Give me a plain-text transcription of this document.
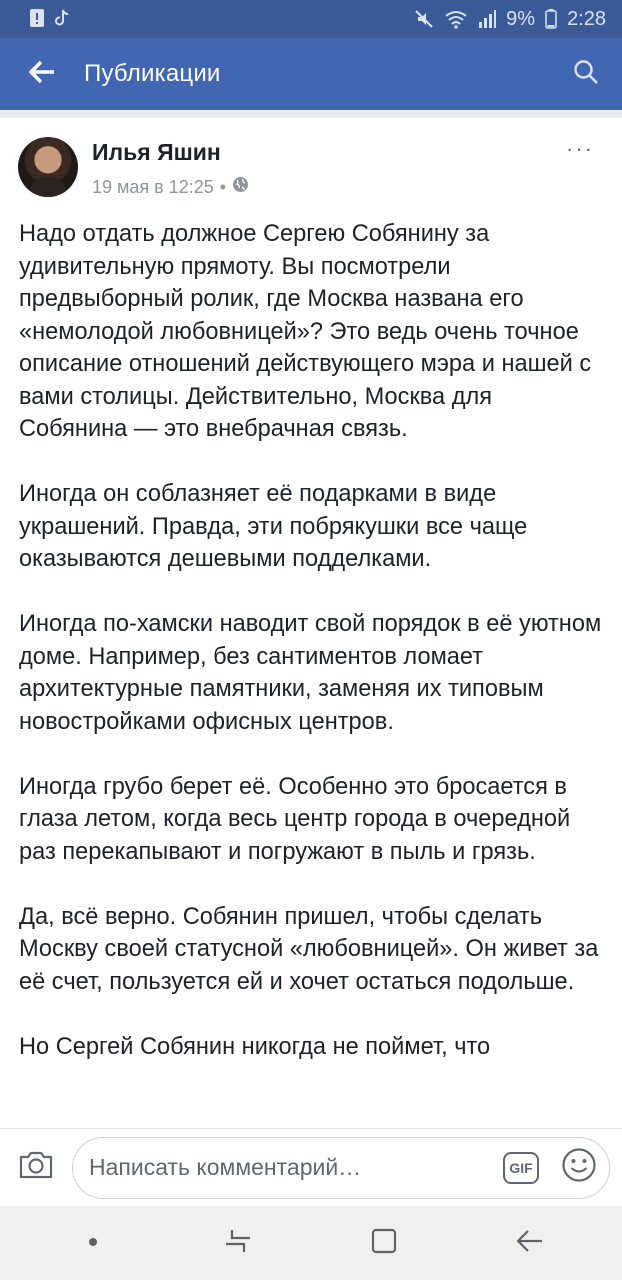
9% 2:28
Публикации
Илья Яшин
19 мая в 12:25 •
···

Надо отдать должное Сергею Собянину за удивительную прямоту. Вы посмотрели предвыборный ролик, где Москва названа его «немолодой любовницей»? Это ведь очень точное описание отношений действующего мэра и нашей с вами столицы. Действительно, Москва для Собянина — это внебрачная связь.

Иногда он соблазняет её подарками в виде украшений. Правда, эти побрякушки все чаще оказываются дешевыми подделками.

Иногда по-хамски наводит свой порядок в её уютном доме. Например, без сантиментов ломает архитектурные памятники, заменяя их типовым новостройками офисных центров.

Иногда грубо берет её. Особенно это бросается в глаза летом, когда весь центр города в очередной раз перекапывают и погружают в пыль и грязь.

Да, всё верно. Собянин пришел, чтобы сделать Москву своей статусной «любовницей». Он живет за её счет, пользуется ей и хочет остаться подольше.

Но Сергей Собянин никогда не поймет, что

Написать комментарий…	GIF
